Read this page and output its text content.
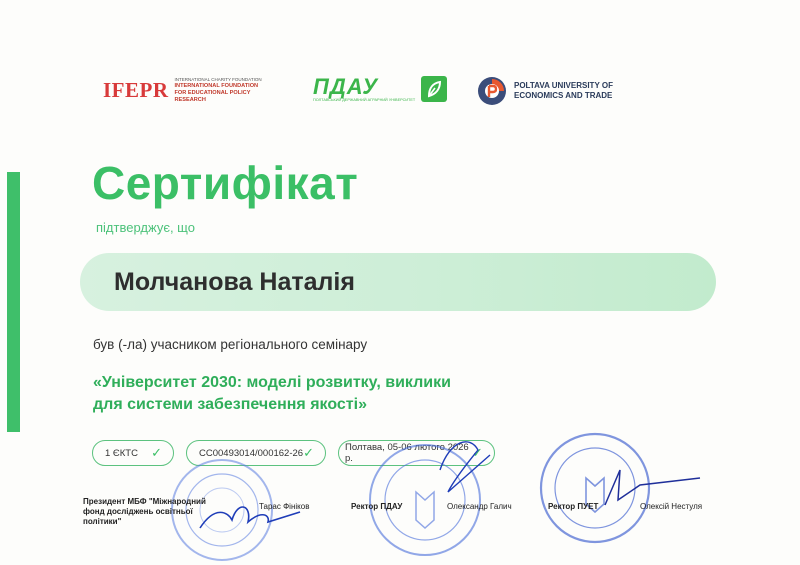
IFEPR INTERNATIONAL CHARITY FOUNDATION
INTERNATIONAL FOUNDATION
FOR EDUCATIONAL POLICY RESEARCH
ПДАУ
ПОЛТАВСЬКИЙ ДЕРЖАВНИЙ АГРАРНИЙ УНІВЕРСИТЕТ
POLTAVA UNIVERSITY OF
ECONOMICS AND TRADE
Сертифікат
підтверджує, що
Молчанова Наталія
був (-ла) учасником регіонального семінару
«Університет 2030: моделі розвитку, виклики
для системи забезпечення якості»
1 ЄКТС ✓	СС00493014/000162-26 ✓	Полтава, 05-06 лютого 2026 р.	✓
Президент МБФ "Міжнародний
фонд досліджень освітньої
політики"
Тарас Фініков	Ректор ПДАУ	Олександр Галич	Ректор ПУЕТ	Олексій Нестуля
